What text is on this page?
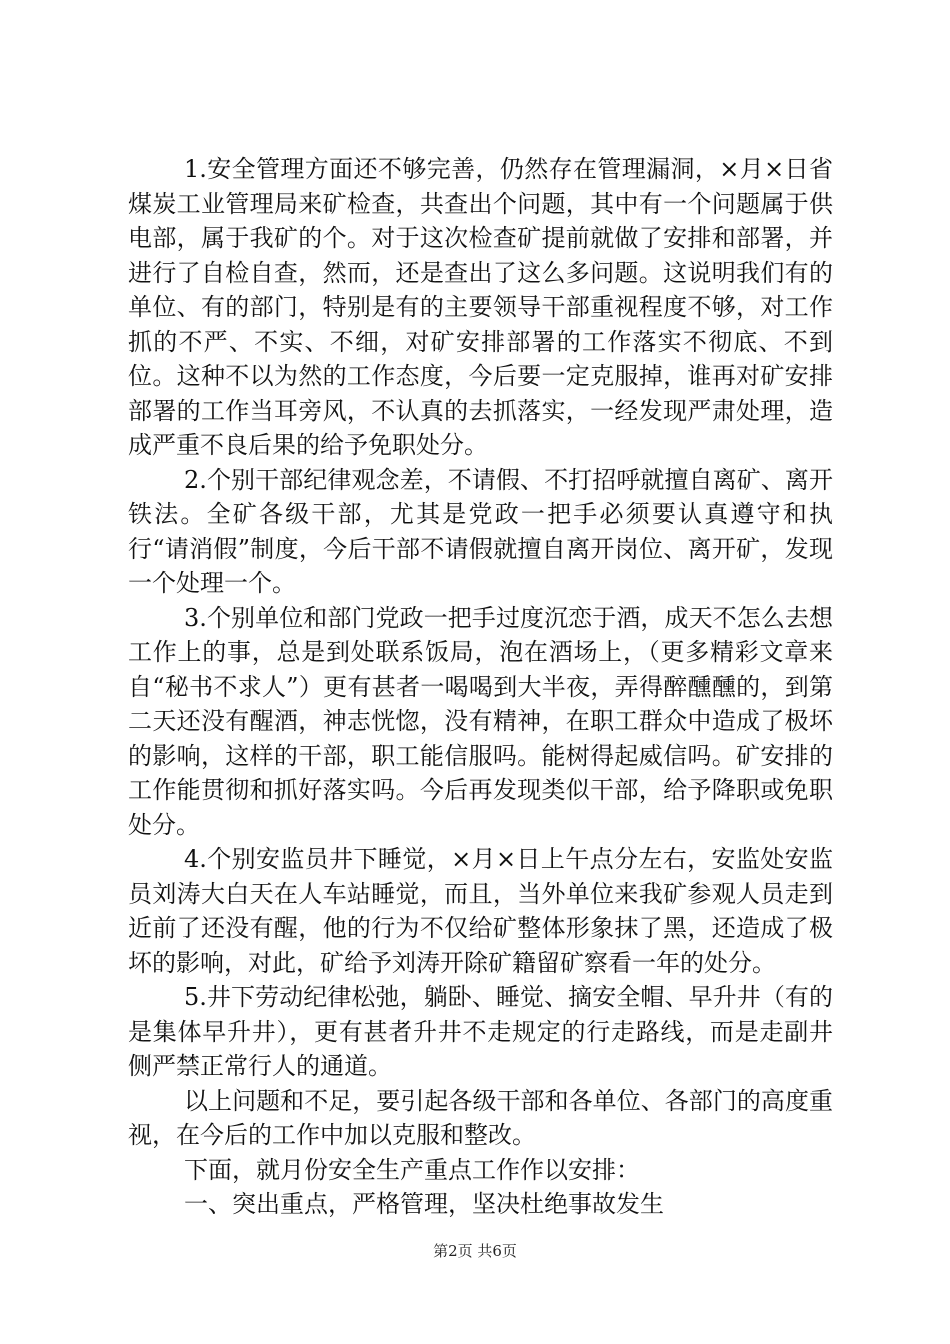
1.安全管理方面还不够完善，仍然存在管理漏洞，×月×日省煤炭工业管理局来矿检查，共查出个问题，其中有一个问题属于供电部，属于我矿的个。对于这次检查矿提前就做了安排和部署，并进行了自检自查，然而，还是查出了这么多问题。这说明我们有的单位、有的部门，特别是有的主要领导干部重视程度不够，对工作抓的不严、不实、不细，对矿安排部署的工作落实不彻底、不到位。这种不以为然的工作态度，今后要一定克服掉，谁再对矿安排部署的工作当耳旁风，不认真的去抓落实，一经发现严肃处理，造成严重不良后果的给予免职处分。

2.个别干部纪律观念差，不请假、不打招呼就擅自离矿、离开铁法。全矿各级干部，尤其是党政一把手必须要认真遵守和执行“请消假”制度，今后干部不请假就擅自离开岗位、离开矿，发现一个处理一个。

3.个别单位和部门党政一把手过度沉恋于酒，成天不怎么去想工作上的事，总是到处联系饭局，泡在酒场上，（更多精彩文章来自“秘书不求人”）更有甚者一喝喝到大半夜，弄得醉醺醺的，到第二天还没有醒酒，神志恍惚，没有精神，在职工群众中造成了极坏的影响，这样的干部，职工能信服吗。能树得起威信吗。矿安排的工作能贯彻和抓好落实吗。今后再发现类似干部，给予降职或免职处分。

4.个别安监员井下睡觉，×月×日上午点分左右，安监处安监员刘涛大白天在人车站睡觉，而且，当外单位来我矿参观人员走到近前了还没有醒，他的行为不仅给矿整体形象抹了黑，还造成了极坏的影响，对此，矿给予刘涛开除矿籍留矿察看一年的处分。

5.井下劳动纪律松弛，躺卧、睡觉、摘安全帽、早升井（有的是集体早升井），更有甚者升井不走规定的行走路线，而是走副井侧严禁正常行人的通道。

以上问题和不足，要引起各级干部和各单位、各部门的高度重视，在今后的工作中加以克服和整改。

下面，就月份安全生产重点工作作以安排：

一、突出重点，严格管理，坚决杜绝事故发生

第2页 共6页
